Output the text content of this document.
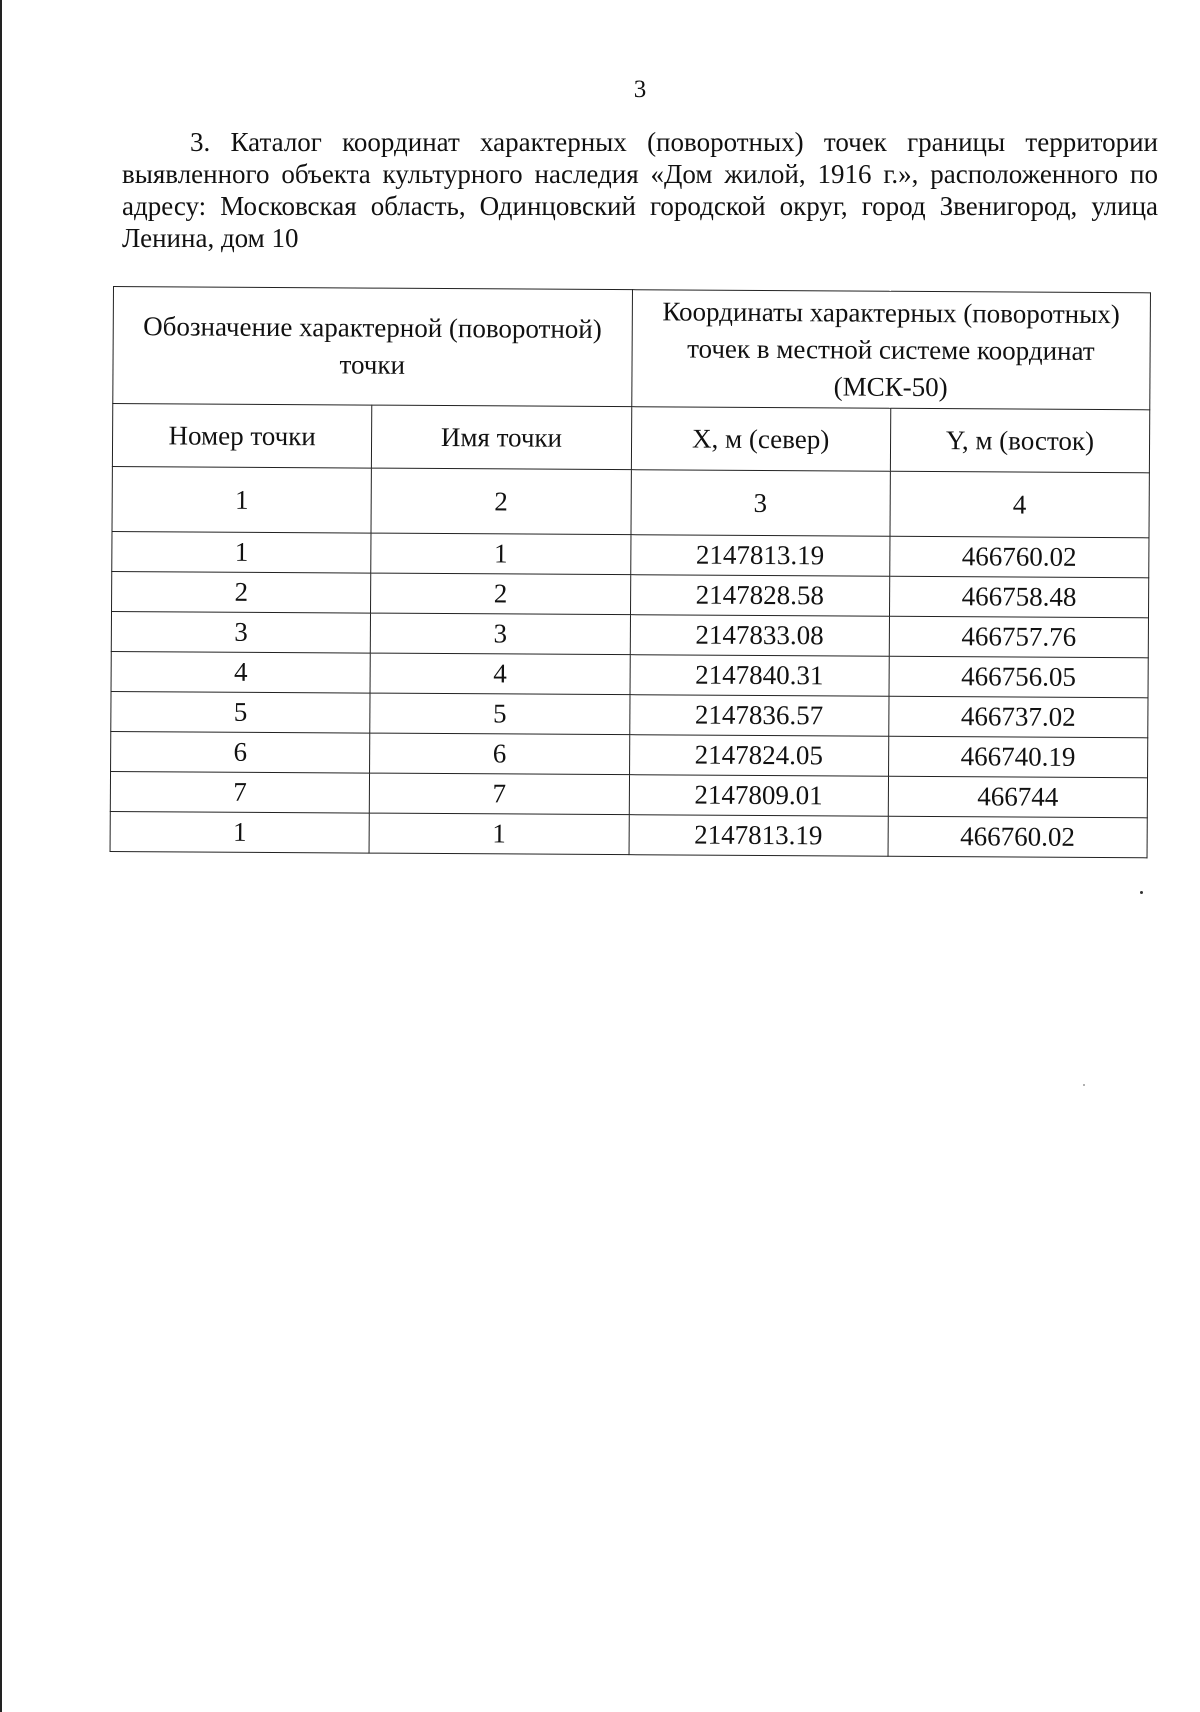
3
3. Каталог координат характерных (поворотных) точек границы территории выявленного объекта культурного наследия «Дом жилой, 1916 г.», расположенного по адресу: Московская область, Одинцовский городской округ, город Звенигород, улица Ленина, дом 10
Обозначение характерной (поворотной) точки		Координаты характерных (поворотных) точек в местной системе координат (МСК-50)	
Номер точки	Имя точки	X, м (север)	Y, м (восток)
1	2	3	4
1	1	2147813.19	466760.02
2	2	2147828.58	466758.48
3	3	2147833.08	466757.76
4	4	2147840.31	466756.05
5	5	2147836.57	466737.02
6	6	2147824.05	466740.19
7	7	2147809.01	466744
1	1	2147813.19	466760.02
